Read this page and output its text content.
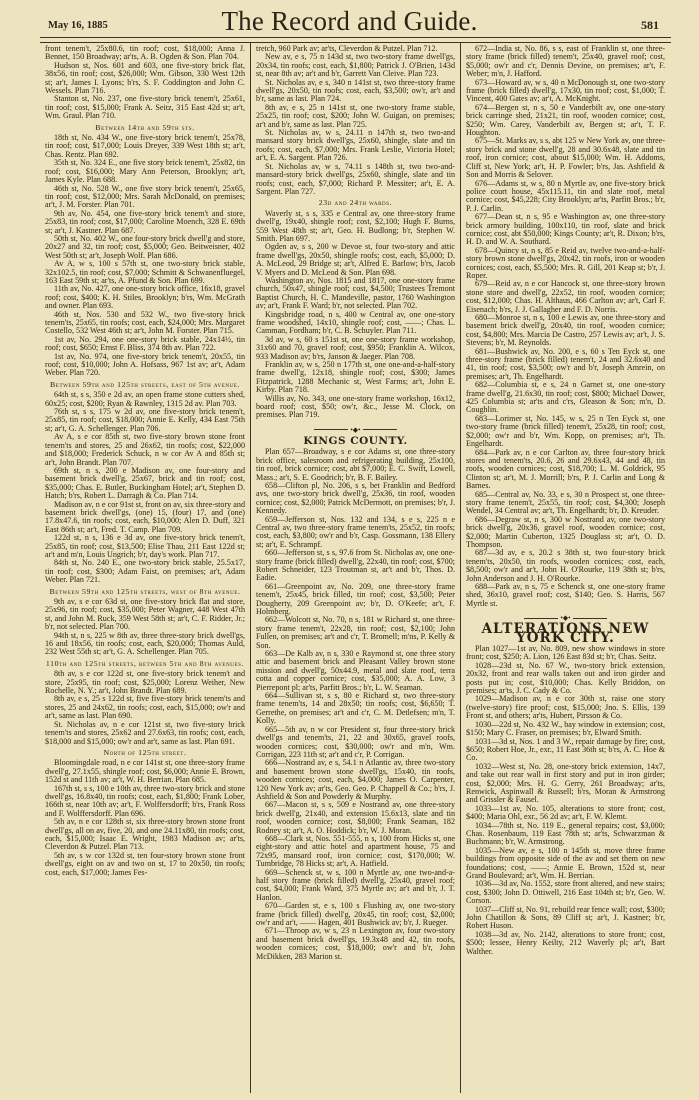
May 16, 1885	The Record and Guide.	581

front tenem't, 25x80.6, tin roof; cost, $18,000; Anna J. Bennet, 150 Broadway; ar'ts, A. B. Ogden & Son. Plan 704.

Hudson st, Nos. 601 and 603, one five-story brick flat, 38x56, tin roof; cost, $26,000; Wm. Gibson, 330 West 12th st; ar't, James I. Lyons; b'rs, S. F. Coddington and John C. Wessels. Plan 716.

Stanton st, No. 237, one five-story brick tenem't, 25x61, tin roof; cost, $15,000; Frank A. Seitz, 315 East 42d st; ar't, Wm. Graul. Plan 710.

Between 14th and 59th sts.

18th st, No. 434 W., one five-story brick tenem't, 25x78, tin roof; cost, $17,000; Louis Dreyer, 339 West 18th st; ar't, Chas. Rentz. Plan 692.

35th st, No. 324 E., one five story brick tenem't, 25x82, tin roof; cost, $16,000; Mary Ann Peterson, Brooklyn; ar't, James Kyle. Plan 688.

46th st, No. 528 W., one five story brick tenem't, 25x65, tin roof; cost, $12,000; Mrs. Sarah McDonald, on premises; ar't, J. M. Forster. Plan 701.

9th av, No. 454, one five-story brick tenem't and store, 25x83, tin roof; cost, $17,000; Caroline Moench, 328 E. 69th st; ar't, J. Kastner. Plan 687.

50th st, No. 402 W., one four-story brick dwell'g and store, 20x27 and 32, tin roof; cost, $5,000; Geo. Beitweisner, 402 West 50th st; ar't, Joseph Wolf. Plan 686.

Av A, w s, 100 s 57th st, one two-story brick stable, 32x102.5, tin roof; cost, $7,000; Schmitt & Schwanenfluegel, 163 East 59th st; ar'ts, A. Pfund & Son. Plan 699.

11th av, No. 427, one one-story brick office, 16x18, gravel roof; cost, $400; K. H. Stiles, Brooklyn; b'rs, Wm. McGrath and owner. Plan 693.

46th st, Nos. 530 and 532 W., two five-story brick tenem'ts, 25x65, tin roofs; cost, each, $24,000; Mrs. Margaret Costello, 532 West 46th st; ar't, John M. Forster. Plan 715.

1st av, No. 294, one one-story brick stable, 24x14½, tin roof; cost, $650; Ernst F. Bliss, 374 8th av. Plan 722.

1st av, No. 974, one five-story brick tenem't, 20x55, tin roof; cost, $10,000; John A. Hofsass, 967 1st av; ar't, Adam Weber. Plan 720.

Between 59th and 125th streets, east of 5th avenue.

64th st, s s, 350 e 2d av, an open frame stone cutters shed, 60x25; cost, $200; Ryan & Rawnley, 1315 2d av. Plan 703.

76th st, s s, 175 w 2d av, one five-story brick tenem't, 25x85, tin roof; cost, $18,000; Annie E. Kelly, 434 East 75th st; ar't, G. A. Schellenger. Plan 706.

Av A, s e cor 85th st, two five-story brown stone front tenem'ts and stores, 25 and 26x62, tin roofs; cost, $22,000 and $18,000; Frederick Schuck, n w cor Av A and 85th st; ar't, John Brandt. Plan 707.

69th st, n s, 200 e Madison av, one four-story and basement brick dwell'g, 25x67, brick and tin roof; cost, $35,000; Chas. E. Butler, Buckingham Hotel; ar't, Stephen D. Hatch; b'rs, Robert L. Darragh & Co. Plan 714.

Madison av, n e cor 91st st, front on av, six three-story and basement brick dwell'gs, (one) 15, (four) 17, and (one) 17.8x47.6, tin roofs; cost, each, $10,000; Alen D. Duff, 321 East 86th st; ar't, Fred. T. Camp. Plan 709.

122d st, n s, 136 e 3d av, one five-story brick tenem't, 25x85, tin roof; cost, $13,500; Elise Thau, 211 East 122d st; ar't and m'n, Louis Ungrich; b'r, day's work. Plan 717.

84th st, No. 240 E., one two-story brick stable, 25.5x17, tin roof; cost, $300; Adam Faist, on premises; ar't, Adam Weber. Plan 721.

Between 59th and 125th streets, west of 8th avenue.

9th av, s e cor 63d st, one five-story brick flat and store, 25x96, tin roof; cost, $35,000; Peter Wagner, 448 West 47th st, and John M. Ruck, 359 West 58th st; ar't, C. F. Ridder, Jr.; b'r, not selected. Plan 700.

94th st, n s, 225 w 8th av, three three-story brick dwell'gs, 16 and 18x56, tin roofs; cost, each, $20,000; Thomas Auld, 232 West 55th st; ar't, G. A. Schellenger. Plan 705.

110th and 125th streets, between 5th and 8th avenues.

8th av, s e cor 122d st, one five-story brick tenem't and store, 25x95, tin roof; cost, $25,000; Lorenz Weiher, New Rochelle, N. Y.; ar't, John Brandt. Plan 689.

8th av, e s, 25 s 122d st, five five-story brick tenem'ts and stores, 25 and 24x62, tin roofs; cost, each, $15,000; ow'r and ar't, same as last. Plan 690.

St. Nicholas av, n e cor 121st st, two five-story brick tenem'ts and stores, 25x62 and 27.6x63, tin roofs; cost, each, $18,000 and $15,000; ow'r and ar't, same as last. Plan 691.

North of 125th street.

Bloomingdale road, n e cor 141st st, one three-story frame dwell'g, 27.1x55, shingle roof; cost, $6,000; Annie E. Brown, 152d st and 11th av; ar't, W. H. Berrian. Plan 685.

167th st, s s, 100 e 10th av, three two-story brick and stone dwell'gs, 16.8x40, tin roofs; cost, each, $1,800; Frank Lober, 166th st, near 10th av; ar't, F. Wolffersdorff; b'rs, Frank Ross and F. Wolffersdorff. Plan 696.

5th av, n e cor 128th st, six three-story brown stone front dwell'gs, all on av, five, 20, and one 24.11x80, tin roofs; cost, each, $15,000; Isaac E. Wright, 1983 Madison av; ar'ts, Cleverdon & Putzel. Plan 713.

5th av, s w cor 132d st, ten four-story brown stone front dwell'gs, eight on av and two on st, 17 to 20x50, tin roofs; cost, each, $17,000; James Fes-

tretch, 960 Park av; ar'ts, Cleverdon & Putzel. Plan 712.

New av, e s, 75 n 143d st, two two-story frame dwell'gs, 20x34, tin roofs; cost, each, $1,800; Patrick J. O'Brien, 143d st, near 8th av; ar't and b'r, Garrett Van Cleive. Plan 723.

St. Nicholas av, e s, 340 n 141st st, two three-story frame dwell'gs, 20x50, tin roofs; cost, each, $3,500; ow'r, ar't and b'r, same as last. Plan 724.

8th av, e s, 25 n 141st st, one two-story frame stable, 25x25, tin roof; cost, $200; John W. Guigan, on premises; ar't and b'r, same as last. Plan 725.

St. Nicholas av, w s, 24.11 n 147th st, two two-and mansard story brick dwell'gs, 25x60, shingle, slate and tin roofs; cost, each, $7,000; Mrs. Frank Leslie, Victoria Hotel; ar't, E. A. Sargent. Plan 726.

St. Nicholas av, w s, 74.11 s 148th st, two two-and-mansard-story brick dwell'gs, 25x60, shingle, slate and tin roofs; cost, each, $7,000; Richard P. Messiter; ar't, E. A. Sargent. Plan 727.

23d and 24th wards.

Waverly st, s s, 335 e Central av, one three-story frame dwell'g, 19x40, shingle roof; cost, $2,100; Hugh F. Burns, 559 West 48th st; ar't, Geo. H. Budlong; b'r, Stephen W. Smith. Plan 697.

Ogden av, s s, 200 w Devoe st, four two-story and attic frame dwell'gs, 20x50, shingle roofs; cost, each, $5,000; D. A. McLeod, 29 Bridge st; ar't, Alfred E. Barlow; b'rs, Jacob V. Myers and D. McLeod & Son. Plan 698.

Washington av, Nos. 1815 and 1817, one one-story frame church, 50x47, shingle roof; cost, $4,500; Trustees Tremont Baptist Church, H. C. Mandeville, pastor, 1760 Washington av; ar't, Frank F. Ward; b'r, not selected. Plan 702.

Kingsbridge road, n s, 400 w Central av, one one-story frame woodshed, 14x10, shingle roof; cost, ——; Chas. L. Camman, Fordham; b'r, C. B. Schuyler. Plan 711.

3d av, w s, 60 s 151st st, one one-story frame workshop, 31x60 and 70, gravel roof; cost, $950; Franklin A. Wilcox, 933 Madison av; b'rs, Janson & Jaeger. Plan 708.

Franklin av, w s, 250 n 177th st, one one-and-a-half-story frame dwell'g, 12x18, shingle roof; cost, $300; James Fitzpatrick, 1288 Mechanic st, West Farms; ar't, John E. Kirby. Plan 718.

Willis av, No. 343, one one-story frame workshop, 16x12, board roof; cost, $50; ow'r, &c., Jesse M. Clock, on premises. Plan 719.

•◆•
KINGS COUNTY.

Plan 657—Broadway, s e cor Adams st, one three-story brick office, salesroom and refrigerating building, 25x100, tin roof, brick cornice; cost, abt $7,000; E. C. Swift, Lowell, Mass.; ar't, S. E. Goodrich; b'r, B. F. Bailey.

658—Clifton pl, No. 206, s s, bet Franklin and Bedford avs, one two-story brick dwell'g, 25x36, tin roof, wooden cornice; cost, $2,000; Patrick McDermott, on premises; b'r, J. Kennedy.

659—Jefferson st, Nos. 132 and 134, s e s, 225 n e Central av, two three-story frame tenem'ts, 25x52, tin roofs; cost, each, $3,800; ow'r and b'r, Casp. Gossmann, 138 Ellery st; ar't, E. Schrampf.

660—Jefferson st, s s, 97.6 from St. Nicholas av, one one-story frame (brick filled) dwell'g, 22x40, tin roof; cost, $700; Robert Schneider, 123 Troutman st, ar't and b'r, Thos. D. Eadie.

661—Greenpoint av, No. 209, one three-story frame tenem't, 25x45, brick filled, tin roof; cost, $3,500; Peter Dougherty, 209 Greenpoint av; b'r, D. O'Keefe; ar't, F. Holmberg.

662—Wolcott st, No. 70, n s, 181 w Richard st, one three-story frame tenem't, 22x28, tin roof; cost, $2,100; John Fullen, on premises; ar't and c'r, T. Bromell; m'ns, P. Kelly & Son.

663—De Kalb av, n s, 330 e Raymond st, one three story attic and basement brick and Pleasant Valley brown stone mission and dwell'g, 50x44.9, metal and slate roof, terra cotta and copper cornice; cost, $35,000; A. A. Low, 3 Pierrepont pl; ar'ts, Parfitt Bros.; b'r, L. W. Seaman.

664—Sullivan st, s s, 80 e Richard st, two three-story frame tenem'ts, 14 and 28x50; tin roofs; cost, $6,650; T. Gerrethe, on premises; ar't and c'r, C. M. Detlefsen; m'n, T. Kolly.

665—5th av, n w cor President st, four three-story brick dwell'gs and tenem'ts, 21, 22 and 30x65, gravel roofs, wooden cornices; cost, $30,000; ow'r and m'n, Wm. Corrigan, 223 11th st; ar't and c'r, P. Corrigan.

666—Nostrand av, e s, 54.1 n Atlantic av, three two-story and basement brown stone dwell'gs, 15x40, tin roofs, wooden cornices; cost, each, $4,000; James O. Carpenter, 120 New York av; ar'ts, Geo. Geo. P. Chappell & Co.; b'rs, J. Ashfield & Son and Powderly & Murphy.

667—Macon st, s s, 509 e Nostrand av, one three-story brick dwell'g, 21x40, and extension 15.6x13, slate and tin roof, wooden cornice; cost, $8,000; Frank Seaman, 182 Rodney st; ar't, A. O. Hoddick; b'r, W. J. Moran.

668—Clark st, Nos. 551-555, n s, 100 from Hicks st, one eight-story and attic hotel and apartment house, 75 and 72x95, mansard roof, iron cornice; cost, $170,000; W. Tumbridge, 78 Hicks st; ar't, A. Hatfield.

669—Schenck st, w s, 100 n Myrtle av, one two-and-a-half story frame (brick filled) dwell'g, 25x40, gravel roof; cost, $4,000; Frank Ward, 375 Myrtle av; ar't and b'r, J. T. Hanlon.

670—Garden st, e s, 100 s Flushing av, one two-story frame (brick filled) dwell'g, 20x45, tin roof; cost, $2,000; ow'r and ar't, —— Hagen, 401 Bushwick av; b'r, J. Rueger.

671—Throop av, w s, 23 n Lexington av, four two-story and basement brick dwell'gs, 19.3x48 and 42, tin roofs, wooden cornices; cost, $18,000; ow'r and b'r, John McDikken, 283 Marion st.

672—India st, No. 86, s s, east of Franklin st, one three-story frame (brick filled) tenem't, 25x40, gravel roof; cost, $5,000; ow'r and c'r, Dennis Devine, on premises; ar't, F. Weber; m'n, J. Hafford.

673—Howard av, w s, 40 n McDonough st, one two-story frame (brick filled) dwell'g, 17x30, tin roof; cost, $1,000; T. Vincent, 400 Gates av; ar't, A. McKnight.

674—Bergen st, n s, 50 e Vanderbilt av, one one-story brick carringe shed, 21x21, tin roof, wooden cornice; cost, $250; Wm. Carey, Vanderbilt av, Bergen st; ar't, T. F. Houghton.

675—St. Marks av, s s, abt 125 w New York av, one three-story brick and stone dwell'g, 28 and 30.6x48, slate and tin roof, iron cornice; cost, about $15,000; Wm. H. Addoms, Cliff st, New York; ar't, H. P. Fowler; b'rs, Jas. Ashfield & Son and Morris & Selover.

676—Adams st, w s, 80 n Myrtle av, one five-story brick police court house, 45x115.11, tin and slate roof, metal cornice; cost, $45,228; City Brooklyn; ar'ts, Parfitt Bros.; b'r, P. J. Carlin.

677—Dean st, n s, 95 e Washington av, one three-story brick armory building, 100x110, tin roof, slate and brick cornice; cost, abt $50,000; Kings County; ar't, R. Dixon; b'rs, H. D. and W. A. Southard.

678—Quincy st, n s, 85 e Reid av, twelve two-and-a-half-story brown stone dwell'gs, 20x42, tin roofs, iron or wooden cornices; cost, each, $5,500; Mrs. R. Gill, 201 Keap st; b'r, J. Roper.

679—Reid av, n e cor Hancock st, one three-story brown stone store and dwell'g, 22x52, tin roof, wooden cornice; cost, $12,000; Chas. H. Althaus, 466 Carlton av; ar't, Carl F. Eisenach; b'rs, J. J. Gallagher and F. D. Norris.

680—Monroe st, n s, 100 e Lewis av, one three-story and basement brick dwell'g, 20x40, tin roof, wooden cornice; cost, $4,800; Mrs. Marcia De Castro, 257 Lewis av; ar't, J. S. Stevens; b'r, M. Reynolds.

681—Bushwick av, No. 200, e s, 60 s Ten Eyck st, one three-story frame (brick filled) tenem't, 24 and 32.6x40 and 41, tin roof; cost, $3,500; ow'r and b'r, Joseph Amrein, on premises; ar't, Th. Engelhardt.

682—Columbia st, e s, 24 n Garnet st, one one-story frame dwell'g, 21.6x30, tin roof; cost, $800; Michael Dower, 425 Columbia st; ar'ts and c'rs, Gleason & Son; m'n, D. Coughlin.

683—Lorimer st, No. 145, w s, 25 n Ten Eyck st, one two-story frame (brick filled) tenem't, 25x28, tin roof; cost, $2,000; ow'r and b'r, Wm. Kopp, on premises; ar't, Th. Engelhardt.

684—Park av, n e cor Carlton av, three four-story brick stores and tenem'ts, 20.6, 26 and 29.6x43, 44 and 48, tin roofs, wooden cornices; cost, $18,700; L. M. Goldrick, 95 Clinton st; ar't, M. J. Morrill; b'rs, P. J. Carlin and Long & Barnes.

685—Central av, No. 33, e s, 30 n Prospect st, one three-story frame tenem't, 25x55, tin roof; cost, $4,300; Joseph Wendel, 34 Central av; ar't, Th. Engelhardt; b'r, D. Kreuder.

686—Degraw st, n s, 300 w Nostrand av, one two-story brick dwell'g, 20x36, gravel roof, wooden cornice; cost, $2,000; Martin Cuberton, 1325 Douglass st; ar't, O. D. Thompson.

687—3d av, e s, 20.2 s 38th st, two four-story brick tenem'ts, 20x50, tin roofs, wooden cornices; cost, each, $8,500; ow'r and ar't, John H. O'Rourke, 119 38th st; b'rs, John Anderson and J. H. O'Rourke.

688—Park av, n s, 75 e Schenck st, one one-story frame shed, 36x10, gravel roof; cost, $140; Geo. S. Harris, 567 Myrtle st.

•◆•
ALTERATIONS NEW YORK CITY.

Plan 1027—1st av, No. 809, new show windows in store front; cost, $250; A. Lion, 126 East 83d st; b'r, Chas. Seitz.

1028—23d st, No. 67 W., two-story brick extension, 20x32, front and rear walls taken out and iron girder and posts put in; cost, $10,000; Chas. Kelly Briddon, on premises; ar'ts, J. C. Cady & Co.

1029—Madison av, n e cor 30th st, raise one story (twelve-story) fire proof; cost, $15,000; Jno. S. Ellis, 139 Front st, and others; ar'ts, Hubert, Pirsson & Co.

1030—22d st, No. 432 W., bay window in extension; cost, $150; Mary C. Fraser, on premises; b'r, Elward Smith.

1031—3d st, Nos. 1 and 3 W., repair damage by fire; cost, $650; Robert Hoe, Jr., exr., 11 East 36th st; b'rs, A. C. Hoe & Co.

1032—West st, No. 28, one-story brick extension, 14x7, and take out rear wall in first story and put in iron girder; cost, $2,000; Mrs. H. G. Gerry, 261 Broadway; ar'ts, Renwick, Aspinwall & Russell; b'rs, Moran & Armstrong and Grissler & Fausel.

1033—1st av, No. 105, alterations to store front; cost, $400; Maria Ohl, exr., 56 2d av; ar't, F. W. Klemt.

1034—78th st, No. 119 E., general repairs; cost, $3,000; Chas. Rosenbaum, 119 East 78th st; ar'ts, Schwarzman & Buchmann; b'r, W. Armstrong.

1035—New av, e s, 100 n 145th st, move three frame buildings from opposite side of the av and set them on new foundations; cost, ——; Annie E. Brown, 152d st, near Grand Boulevard; ar't, Wm. H. Berrian.

1036—3d av, No. 1552, store front altered, and new stairs; cost, $300; John D. Ottiwell, 216 East 104th st; b'r, Geo. W. Corson.

1037—Cliff st, No. 91, rebuild rear fence wall; cost, $300; John Chatillon & Sons, 89 Cliff st; ar't, J. Kastner; b'r, Robert Huson.

1038—3d av, No. 2142, alterations to store front; cost, $500; lessee, Henry Keilty, 212 Waverly pl; ar't, Bart Walther.
